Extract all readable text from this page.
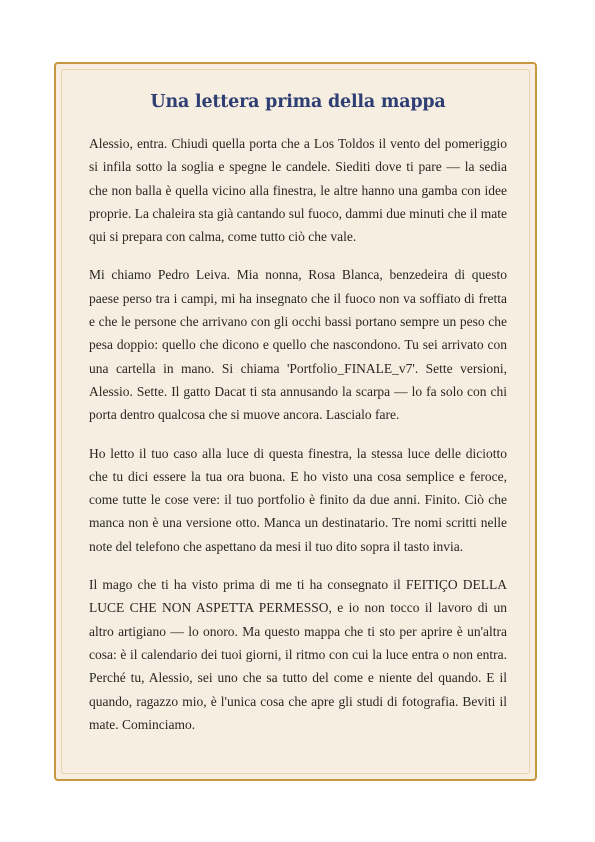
Una lettera prima della mappa

Alessio, entra. Chiudi quella porta che a Los Toldos il vento del pomeriggio si infila sotto la soglia e spegne le candele. Siediti dove ti pare — la sedia che non balla è quella vicino alla finestra, le altre hanno una gamba con idee proprie. La chaleira sta già cantando sul fuoco, dammi due minuti che il mate qui si prepara con calma, come tutto ciò che vale.

Mi chiamo Pedro Leiva. Mia nonna, Rosa Blanca, benzedeira di questo paese perso tra i campi, mi ha insegnato che il fuoco non va soffiato di fretta e che le persone che arrivano con gli occhi bassi portano sempre un peso che pesa doppio: quello che dicono e quello che nascondono. Tu sei arrivato con una cartella in mano. Si chiama 'Portfolio_FINALE_v7'. Sette versioni, Alessio. Sette. Il gatto Dacat ti sta annusando la scarpa — lo fa solo con chi porta dentro qualcosa che si muove ancora. Lascialo fare.

Ho letto il tuo caso alla luce di questa finestra, la stessa luce delle diciotto che tu dici essere la tua ora buona. E ho visto una cosa semplice e feroce, come tutte le cose vere: il tuo portfolio è finito da due anni. Finito. Ciò che manca non è una versione otto. Manca un destinatario. Tre nomi scritti nelle note del telefono che aspettano da mesi il tuo dito sopra il tasto invia.

Il mago che ti ha visto prima di me ti ha consegnato il FEITIÇO DELLA LUCE CHE NON ASPETTA PERMESSO, e io non tocco il lavoro di un altro artigiano — lo onoro. Ma questo mappa che ti sto per aprire è un'altra cosa: è il calendario dei tuoi giorni, il ritmo con cui la luce entra o non entra. Perché tu, Alessio, sei uno che sa tutto del come e niente del quando. E il quando, ragazzo mio, è l'unica cosa che apre gli studi di fotografia. Beviti il mate. Cominciamo.
